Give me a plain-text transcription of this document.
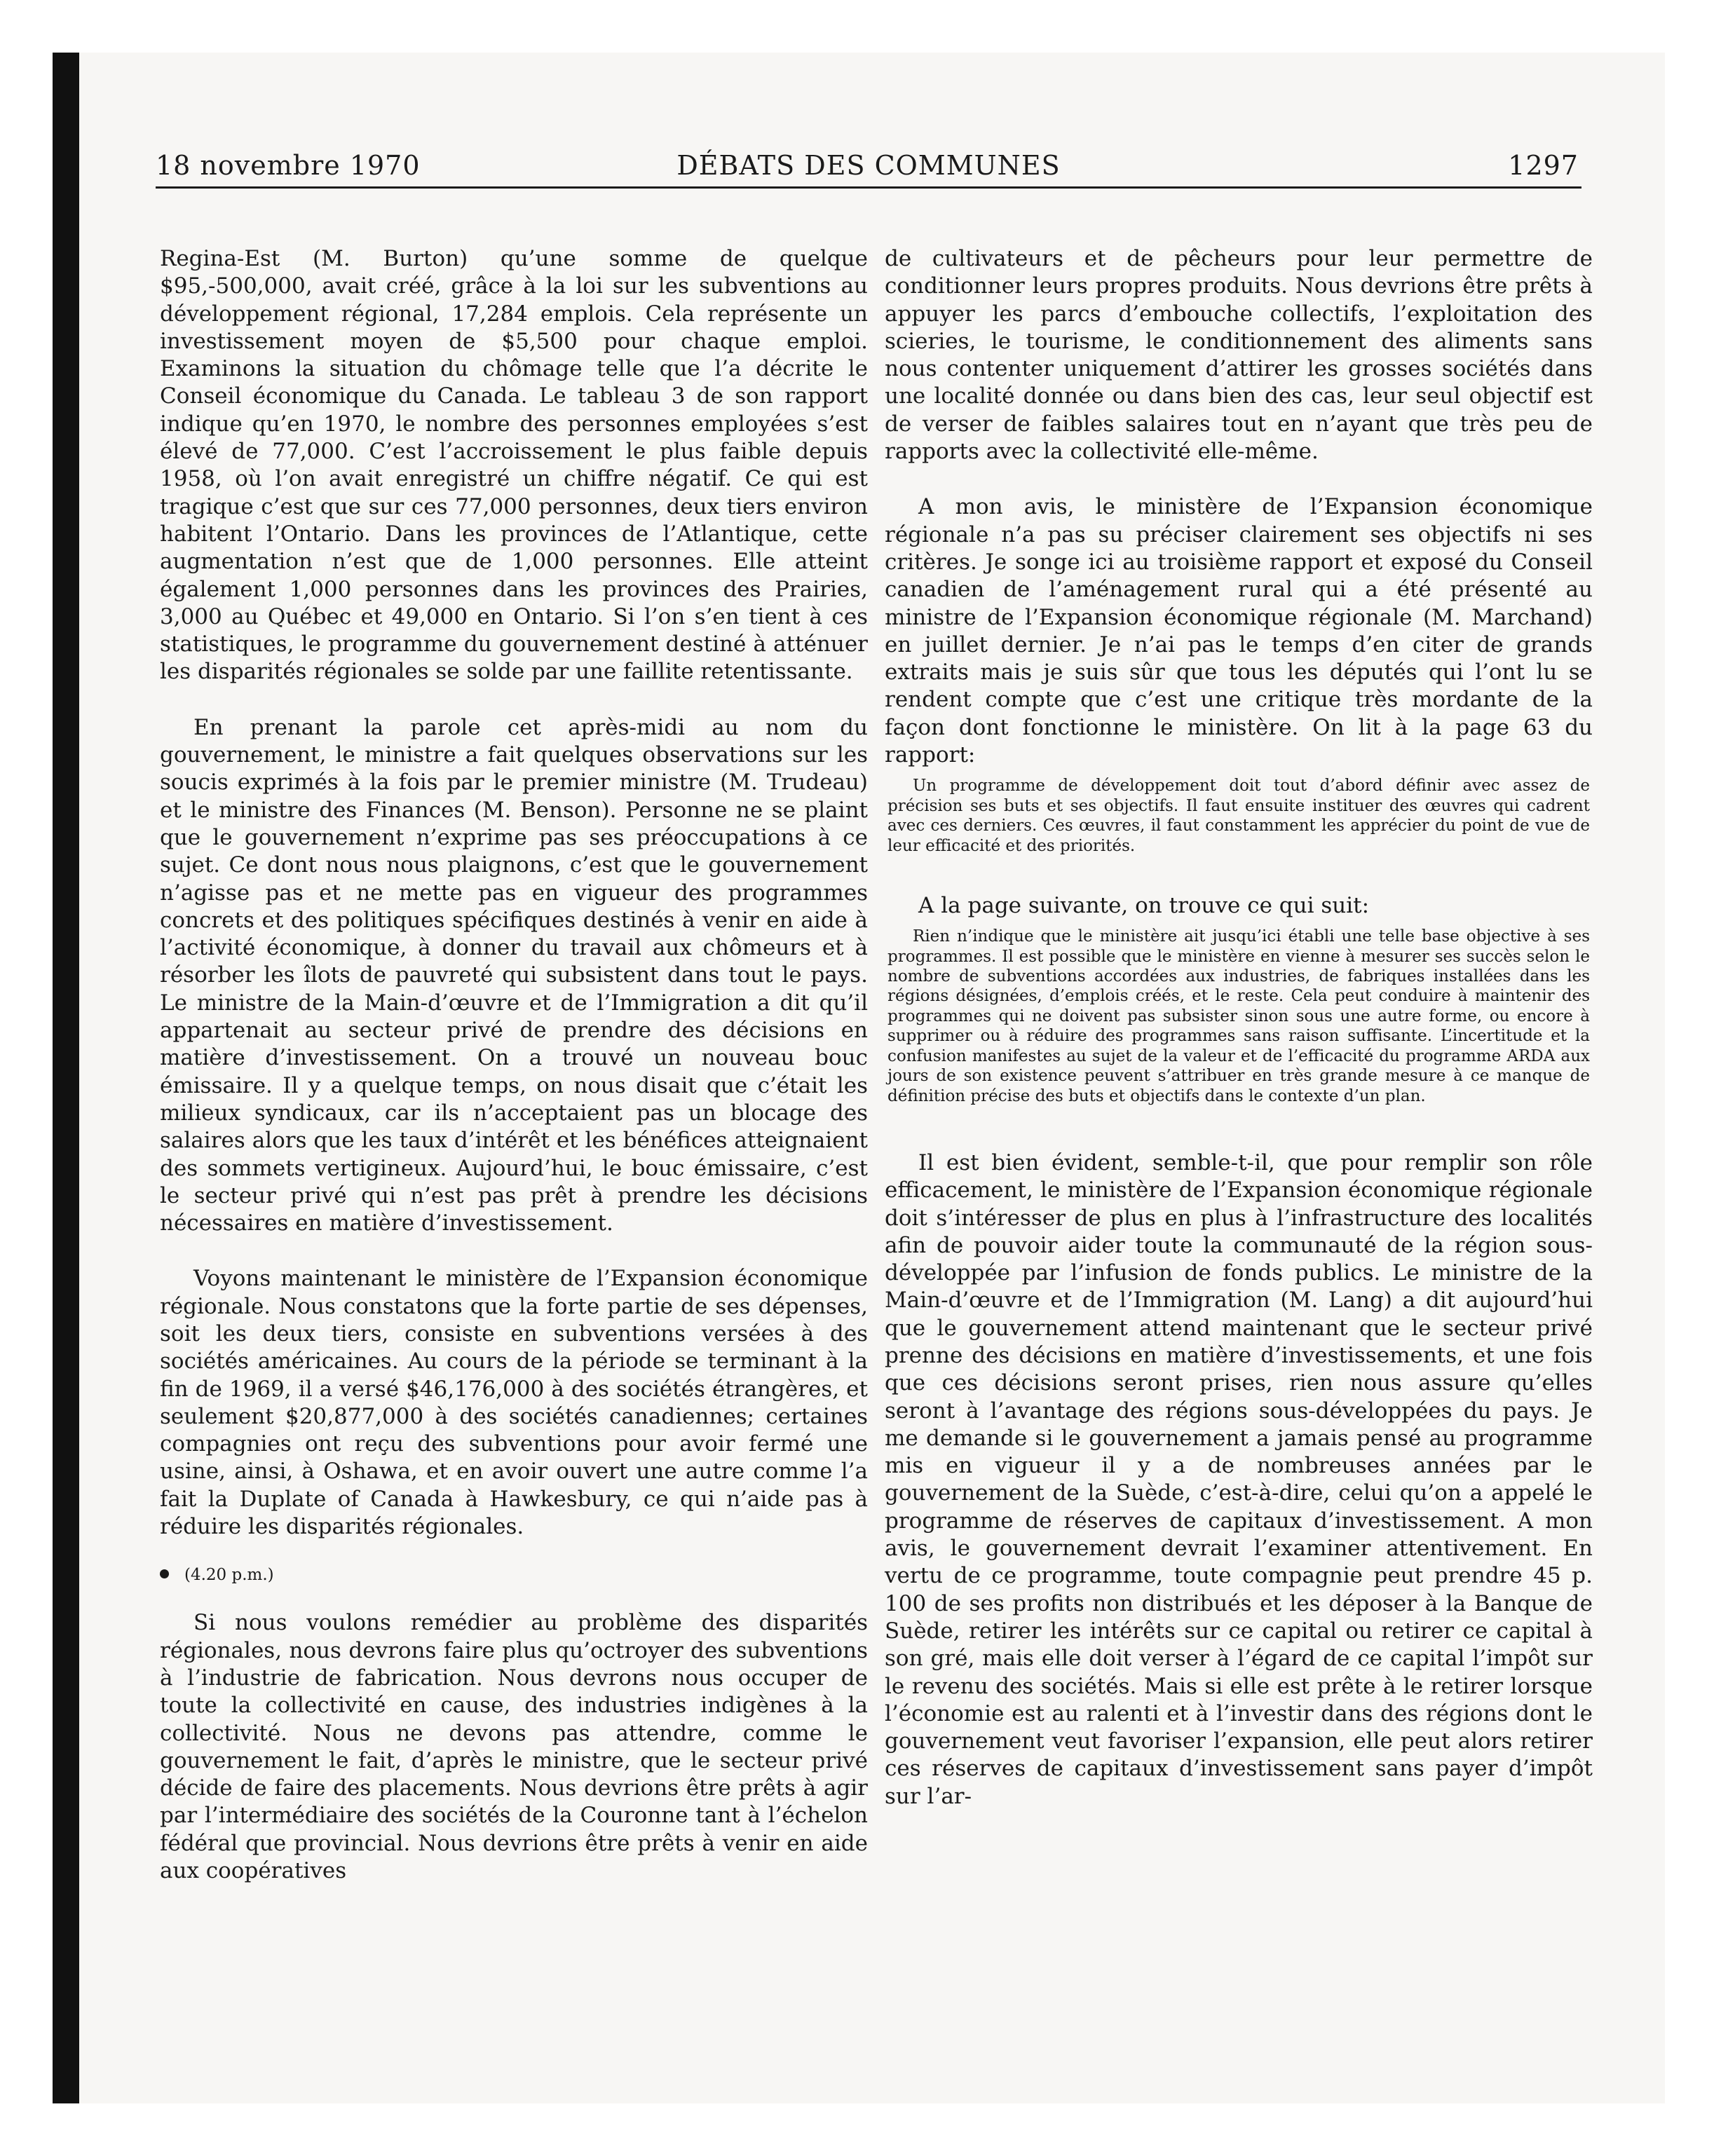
18 novembre 1970	DÉBATS DES COMMUNES	1297

Regina-Est (M. Burton) qu’une somme de quelque $95,-500,000, avait créé, grâce à la loi sur les subventions au développement régional, 17,284 emplois. Cela représente un investissement moyen de $5,500 pour chaque emploi. Examinons la situation du chômage telle que l’a décrite le Conseil économique du Canada. Le tableau 3 de son rapport indique qu’en 1970, le nombre des personnes employées s’est élevé de 77,000. C’est l’accroissement le plus faible depuis 1958, où l’on avait enregistré un chiffre négatif. Ce qui est tragique c’est que sur ces 77,000 personnes, deux tiers environ habitent l’Ontario. Dans les provinces de l’Atlantique, cette augmentation n’est que de 1,000 personnes. Elle atteint également 1,000 personnes dans les provinces des Prairies, 3,000 au Québec et 49,000 en Ontario. Si l’on s’en tient à ces statistiques, le programme du gouvernement destiné à atténuer les disparités régionales se solde par une faillite retentissante.

En prenant la parole cet après-midi au nom du gouvernement, le ministre a fait quelques observations sur les soucis exprimés à la fois par le premier ministre (M. Trudeau) et le ministre des Finances (M. Benson). Personne ne se plaint que le gouvernement n’exprime pas ses préoccupations à ce sujet. Ce dont nous nous plaignons, c’est que le gouvernement n’agisse pas et ne mette pas en vigueur des programmes concrets et des politiques spécifiques destinés à venir en aide à l’activité économique, à donner du travail aux chômeurs et à résorber les îlots de pauvreté qui subsistent dans tout le pays. Le ministre de la Main-d’œuvre et de l’Immigration a dit qu’il appartenait au secteur privé de prendre des décisions en matière d’investissement. On a trouvé un nouveau bouc émissaire. Il y a quelque temps, on nous disait que c’était les milieux syndicaux, car ils n’acceptaient pas un blocage des salaires alors que les taux d’intérêt et les bénéfices atteignaient des sommets vertigineux. Aujourd’hui, le bouc émissaire, c’est le secteur privé qui n’est pas prêt à prendre les décisions nécessaires en matière d’investissement.

Voyons maintenant le ministère de l’Expansion économique régionale. Nous constatons que la forte partie de ses dépenses, soit les deux tiers, consiste en subventions versées à des sociétés américaines. Au cours de la période se terminant à la fin de 1969, il a versé $46,176,000 à des sociétés étrangères, et seulement $20,877,000 à des sociétés canadiennes; certaines compagnies ont reçu des subventions pour avoir fermé une usine, ainsi, à Oshawa, et en avoir ouvert une autre comme l’a fait la Duplate of Canada à Hawkesbury, ce qui n’aide pas à réduire les disparités régionales.

(4.20 p.m.)

Si nous voulons remédier au problème des disparités régionales, nous devrons faire plus qu’octroyer des subventions à l’industrie de fabrication. Nous devrons nous occuper de toute la collectivité en cause, des industries indigènes à la collectivité. Nous ne devons pas attendre, comme le gouvernement le fait, d’après le ministre, que le secteur privé décide de faire des placements. Nous devrions être prêts à agir par l’intermédiaire des sociétés de la Couronne tant à l’échelon fédéral que provincial. Nous devrions être prêts à venir en aide aux coopératives

de cultivateurs et de pêcheurs pour leur permettre de conditionner leurs propres produits. Nous devrions être prêts à appuyer les parcs d’embouche collectifs, l’exploitation des scieries, le tourisme, le conditionnement des aliments sans nous contenter uniquement d’attirer les grosses sociétés dans une localité donnée ou dans bien des cas, leur seul objectif est de verser de faibles salaires tout en n’ayant que très peu de rapports avec la collectivité elle-même.

A mon avis, le ministère de l’Expansion économique régionale n’a pas su préciser clairement ses objectifs ni ses critères. Je songe ici au troisième rapport et exposé du Conseil canadien de l’aménagement rural qui a été présenté au ministre de l’Expansion économique régionale (M. Marchand) en juillet dernier. Je n’ai pas le temps d’en citer de grands extraits mais je suis sûr que tous les députés qui l’ont lu se rendent compte que c’est une critique très mordante de la façon dont fonctionne le ministère. On lit à la page 63 du rapport:

Un programme de développement doit tout d’abord définir avec assez de précision ses buts et ses objectifs. Il faut ensuite instituer des œuvres qui cadrent avec ces derniers. Ces œuvres, il faut constamment les apprécier du point de vue de leur efficacité et des priorités.

A la page suivante, on trouve ce qui suit:

Rien n’indique que le ministère ait jusqu’ici établi une telle base objective à ses programmes. Il est possible que le ministère en vienne à mesurer ses succès selon le nombre de subventions accordées aux industries, de fabriques installées dans les régions désignées, d’emplois créés, et le reste. Cela peut conduire à maintenir des programmes qui ne doivent pas subsister sinon sous une autre forme, ou encore à supprimer ou à réduire des programmes sans raison suffisante. L’incertitude et la confusion manifestes au sujet de la valeur et de l’efficacité du programme ARDA aux jours de son existence peuvent s’attribuer en très grande mesure à ce manque de définition précise des buts et objectifs dans le contexte d’un plan.

Il est bien évident, semble-t-il, que pour remplir son rôle efficacement, le ministère de l’Expansion économique régionale doit s’intéresser de plus en plus à l’infrastructure des localités afin de pouvoir aider toute la communauté de la région sous-développée par l’infusion de fonds publics. Le ministre de la Main-d’œuvre et de l’Immigration (M. Lang) a dit aujourd’hui que le gouvernement attend maintenant que le secteur privé prenne des décisions en matière d’investissements, et une fois que ces décisions seront prises, rien nous assure qu’elles seront à l’avantage des régions sous-développées du pays. Je me demande si le gouvernement a jamais pensé au programme mis en vigueur il y a de nombreuses années par le gouvernement de la Suède, c’est-à-dire, celui qu’on a appelé le programme de réserves de capitaux d’investissement. A mon avis, le gouvernement devrait l’examiner attentivement. En vertu de ce programme, toute compagnie peut prendre 45 p. 100 de ses profits non distribués et les déposer à la Banque de Suède, retirer les intérêts sur ce capital ou retirer ce capital à son gré, mais elle doit verser à l’égard de ce capital l’impôt sur le revenu des sociétés. Mais si elle est prête à le retirer lorsque l’économie est au ralenti et à l’investir dans des régions dont le gouvernement veut favoriser l’expansion, elle peut alors retirer ces réserves de capitaux d’investissement sans payer d’impôt sur l’ar-
